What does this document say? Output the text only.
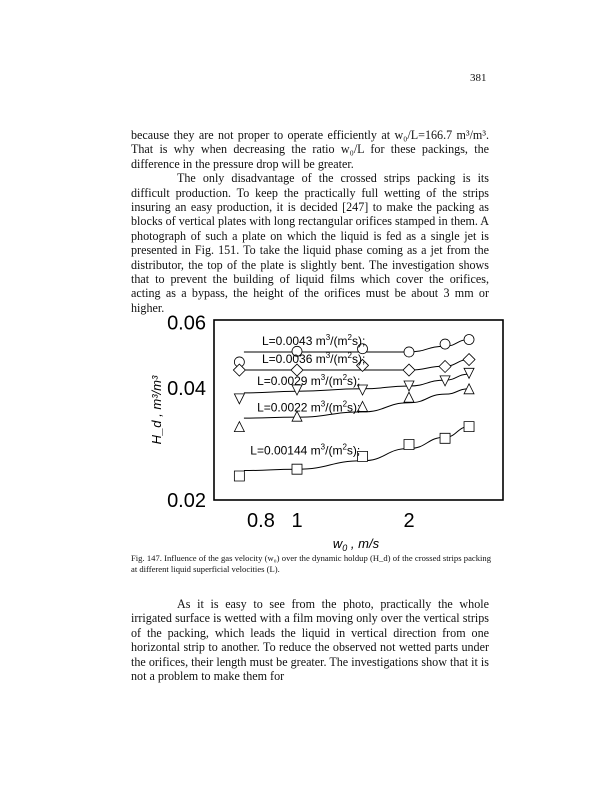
381

because they are not proper to operate efficiently at w₀/L=166.7 m³/m³. That is why when decreasing the ratio w₀/L for these packings, the difference in the pressure drop will be greater.

The only disadvantage of the crossed strips packing is its difficult production. To keep the practically full wetting of the strips insuring an easy production, it is decided [247] to make the packing as blocks of vertical plates with long rectangular orifices stamped in them. A photograph of such a plate on which the liquid is fed as a single jet is presented in Fig. 151. To take the liquid phase coming as a jet from the distributor, the top of the plate is slightly bent. The investigation shows that to prevent the building of liquid films which cover the orifices, acting as a bypass, the height of the orifices must be about 3 mm or higher.

H_d , m³/m³
0.02
0.04
0.06
0.8 1	2
$w_0$ , m/s
L=0.0043 $m^3/(m^2s)$;
L=0.0036 $m^3/(m^2s)$;
L=0.0029 $m^3/(m^2s)$;
L=0.0022 $m^3/(m^2s)$;
L=0.00144 $m^3/(m^2s)$;
Fig. 147. Influence of the gas velocity (w₀) over the dynamic holdup (H_d) of the crossed strips packing at different liquid superficial velocities (L).

As it is easy to see from the photo, practically the whole irrigated surface is wetted with a film moving only over the vertical strips of the packing, which leads the liquid in vertical direction from one horizontal strip to another. To reduce the observed not wetted parts under the orifices, their length must be greater. The investigations show that it is not a problem to make them for
